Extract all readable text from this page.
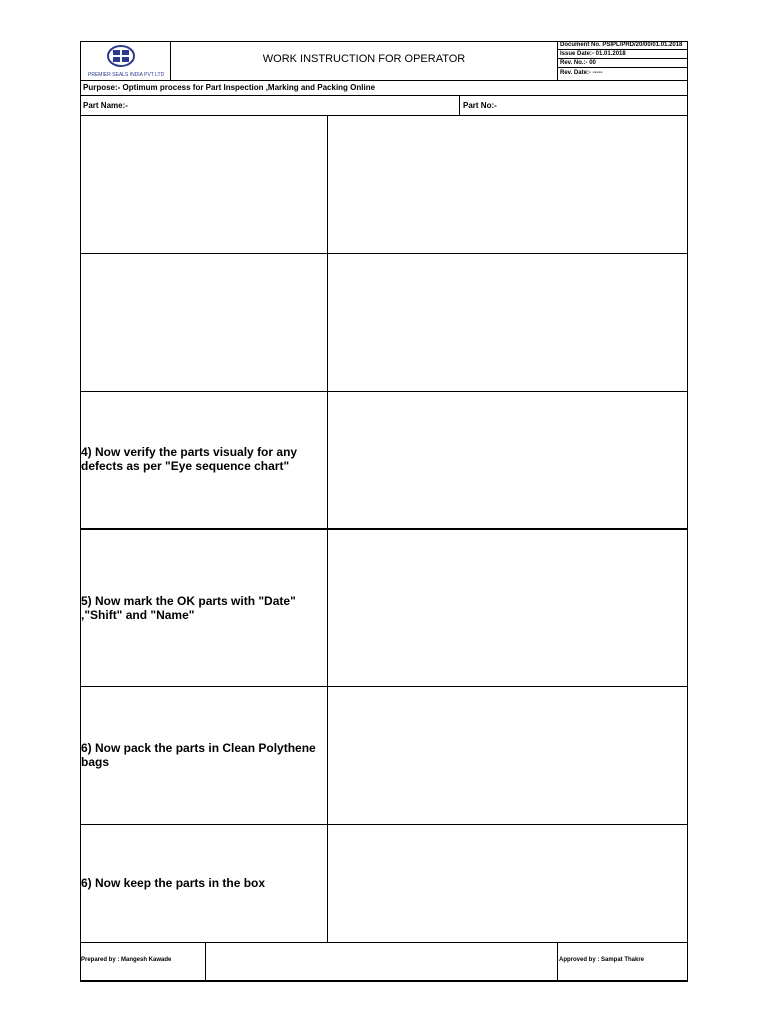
PREMIER SEALS INDIA PVT LTD
WORK INSTRUCTION FOR OPERATOR
Document No. PSIPL/PRD/20/00/01.01.2018
Issue Date:- 01.01.2018
Rev. No.:- 00
Rev. Date:- -----
Purpose:- Optimum process for Part Inspection ,Marking and Packing Online
Part Name:-	Part No:-
4) Now verify the parts visualy for any defects as per "Eye sequence chart"
5) Now mark the OK parts with "Date" ,"Shift" and "Name"
6) Now pack the parts in Clean Polythene bags
6) Now keep the parts in the box
Prepared by : Mangesh Kawade	Approved by : Sampat Thakre
